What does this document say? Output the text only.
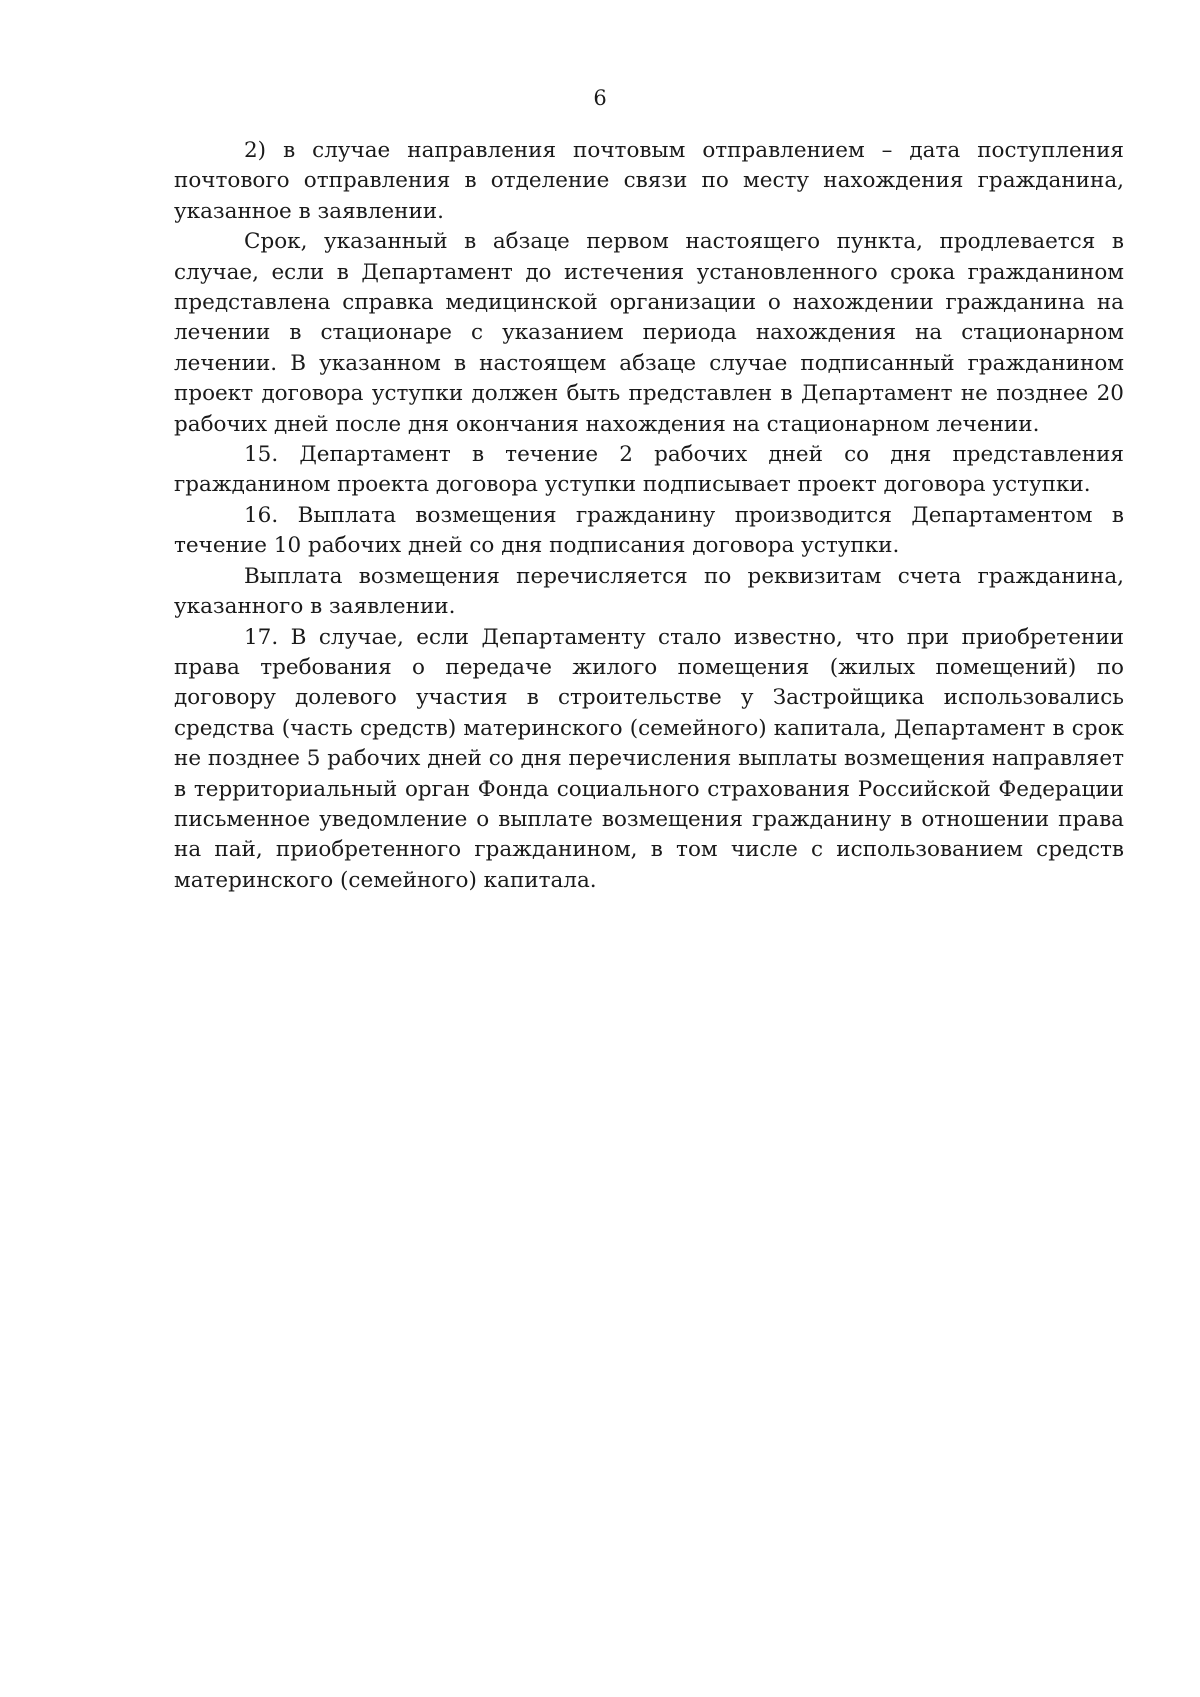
6

2) в случае направления почтовым отправлением – дата поступления почтового отправления в отделение связи по месту нахождения гражданина, указанное в заявлении.

Срок, указанный в абзаце первом настоящего пункта, продлевается в случае, если в Департамент до истечения установленного срока гражданином представлена справка медицинской организации о нахождении гражданина на лечении в стационаре с указанием периода нахождения на стационарном лечении. В указанном в настоящем абзаце случае подписанный гражданином проект договора уступки должен быть представлен в Департамент не позднее 20 рабочих дней после дня окончания нахождения на стационарном лечении.

15. Департамент в течение 2 рабочих дней со дня представления гражданином проекта договора уступки подписывает проект договора уступки.

16. Выплата возмещения гражданину производится Департаментом в течение 10 рабочих дней со дня подписания договора уступки.

Выплата возмещения перечисляется по реквизитам счета гражданина, указанного в заявлении.

17. В случае, если Департаменту стало известно, что при приобретении права требования о передаче жилого помещения (жилых помещений) по договору долевого участия в строительстве у Застройщика использовались средства (часть средств) материнского (семейного) капитала, Департамент в срок не позднее 5 рабочих дней со дня перечисления выплаты возмещения направляет в территориальный орган Фонда социального страхования Российской Федерации письменное уведомление о выплате возмещения гражданину в отношении права на пай, приобретенного гражданином, в том числе с использованием средств материнского (семейного) капитала.
